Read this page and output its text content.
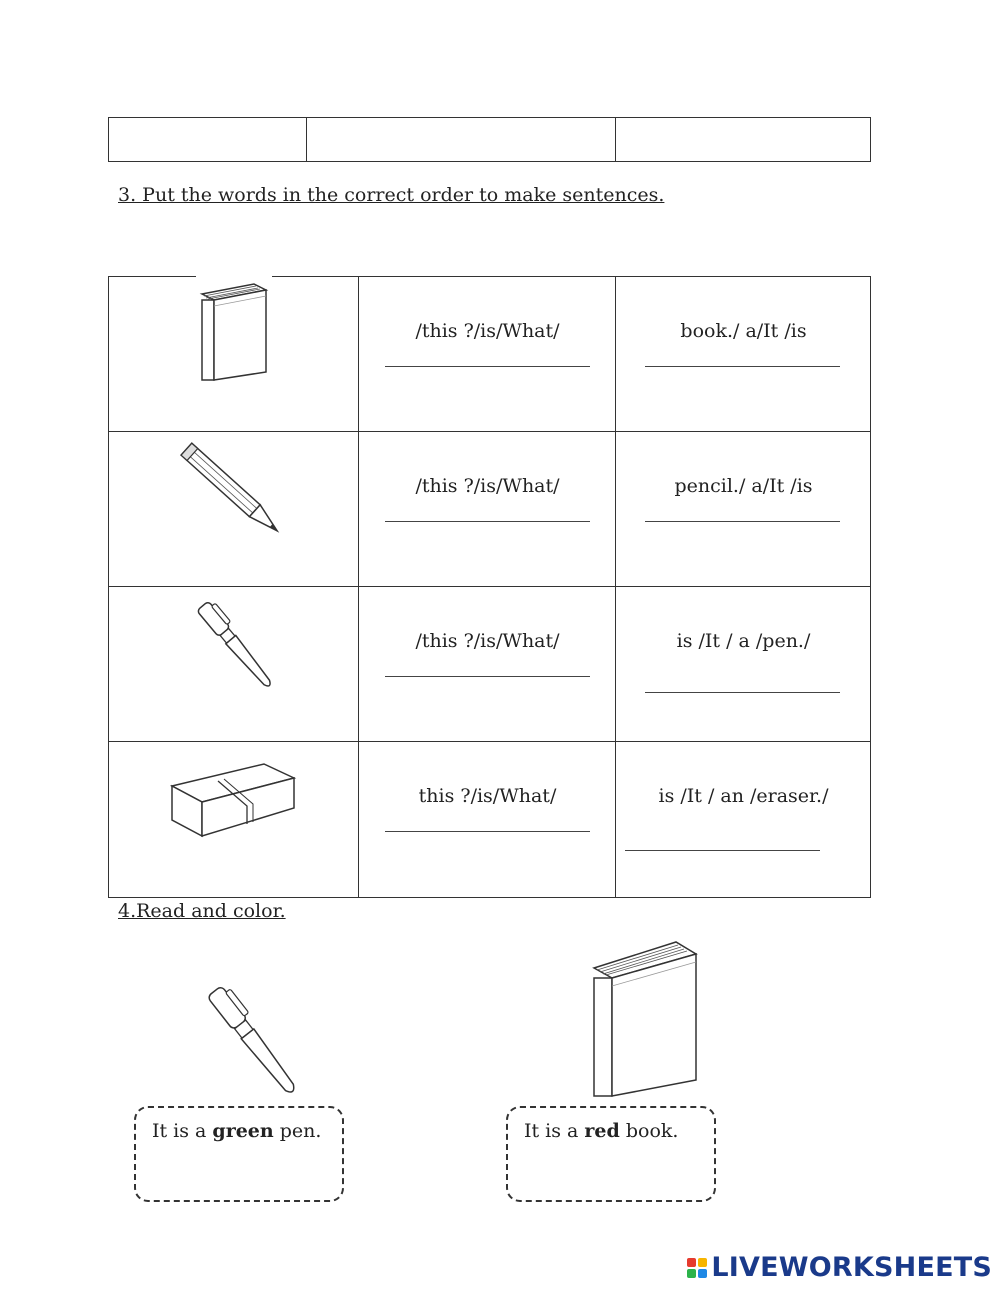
3. Put the words in the correct order to make sentences.
/this ?/is/What/	book./ a/It /is
/this ?/is/What/	pencil./ a/It /is
/this ?/is/What/	is /It / a /pen./
this ?/is/What/	is /It / an /eraser./
4.Read and color.
It is a green pen.	It is a red book.
LIVEWORKSHEETS
